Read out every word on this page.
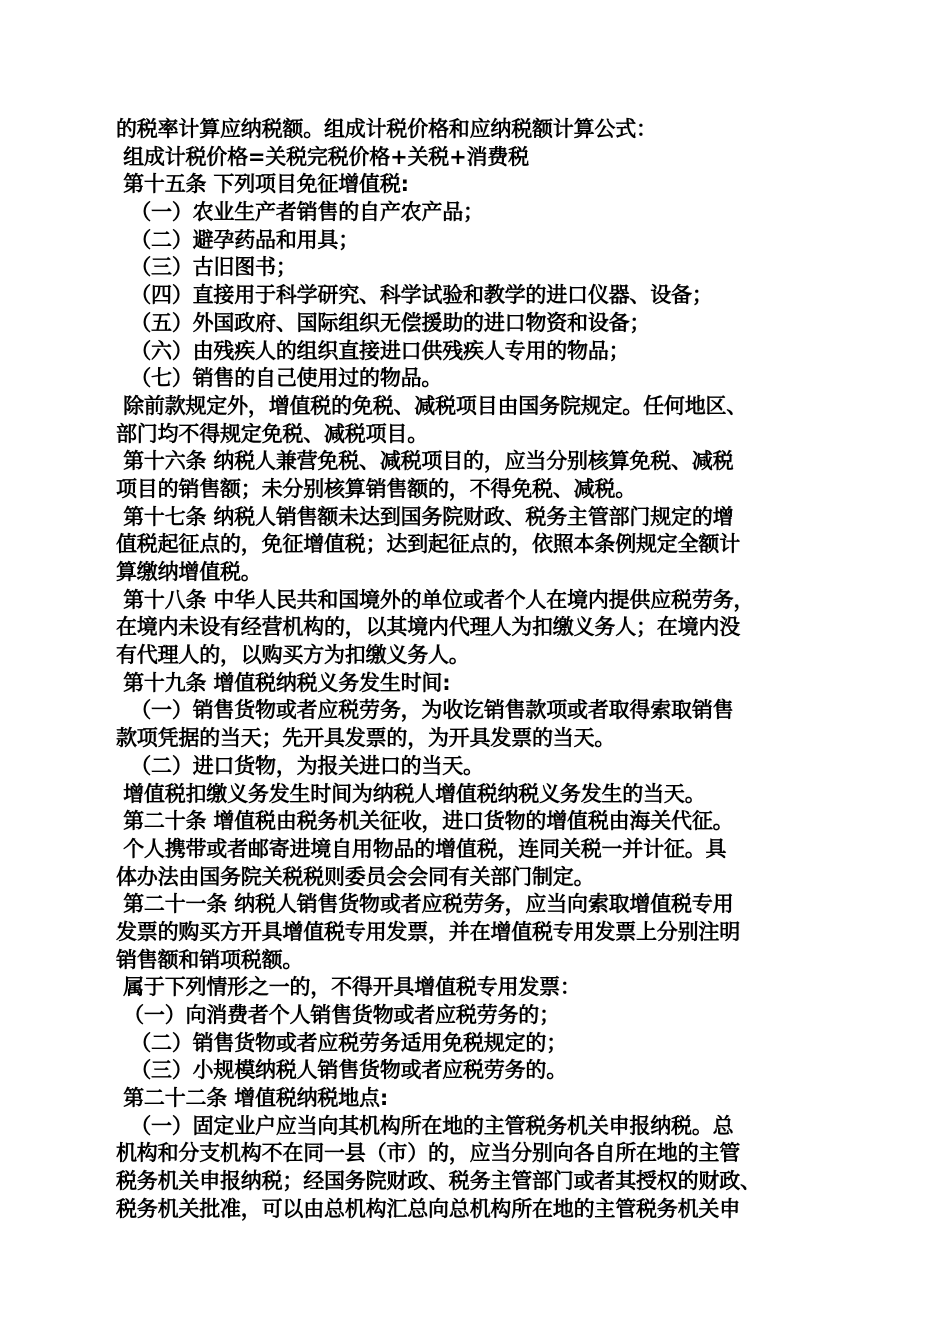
的税率计算应纳税额。组成计税价格和应纳税额计算公式：
组成计税价格=关税完税价格+关税+消费税
第十五条 下列项目免征增值税:
（一）农业生产者销售的自产农产品；
（二）避孕药品和用具；
（三）古旧图书；
（四）直接用于科学研究、科学试验和教学的进口仪器、设备；
（五）外国政府、国际组织无偿援助的进口物资和设备；
（六）由残疾人的组织直接进口供残疾人专用的物品；
（七）销售的自己使用过的物品。
除前款规定外，增值税的免税、减税项目由国务院规定。任何地区、
部门均不得规定免税、减税项目。
第十六条 纳税人兼营免税、减税项目的，应当分别核算免税、减税
项目的销售额；未分别核算销售额的，不得免税、减税。
第十七条 纳税人销售额未达到国务院财政、税务主管部门规定的增
值税起征点的，免征增值税；达到起征点的，依照本条例规定全额计
算缴纳增值税。
第十八条 中华人民共和国境外的单位或者个人在境内提供应税劳务，
在境内未设有经营机构的，以其境内代理人为扣缴义务人；在境内没
有代理人的，以购买方为扣缴义务人。
第十九条 增值税纳税义务发生时间:
（一）销售货物或者应税劳务，为收讫销售款项或者取得索取销售
款项凭据的当天；先开具发票的，为开具发票的当天。
（二）进口货物，为报关进口的当天。
增值税扣缴义务发生时间为纳税人增值税纳税义务发生的当天。
第二十条 增值税由税务机关征收，进口货物的增值税由海关代征。
个人携带或者邮寄进境自用物品的增值税，连同关税一并计征。具
体办法由国务院关税税则委员会会同有关部门制定。
第二十一条 纳税人销售货物或者应税劳务，应当向索取增值税专用
发票的购买方开具增值税专用发票，并在增值税专用发票上分别注明
销售额和销项税额。
属于下列情形之一的，不得开具增值税专用发票：
（一）向消费者个人销售货物或者应税劳务的；
（二）销售货物或者应税劳务适用免税规定的；
（三）小规模纳税人销售货物或者应税劳务的。
第二十二条 增值税纳税地点:
（一）固定业户应当向其机构所在地的主管税务机关申报纳税。总
机构和分支机构不在同一县（市）的，应当分别向各自所在地的主管
税务机关申报纳税；经国务院财政、税务主管部门或者其授权的财政、
税务机关批准，可以由总机构汇总向总机构所在地的主管税务机关申
